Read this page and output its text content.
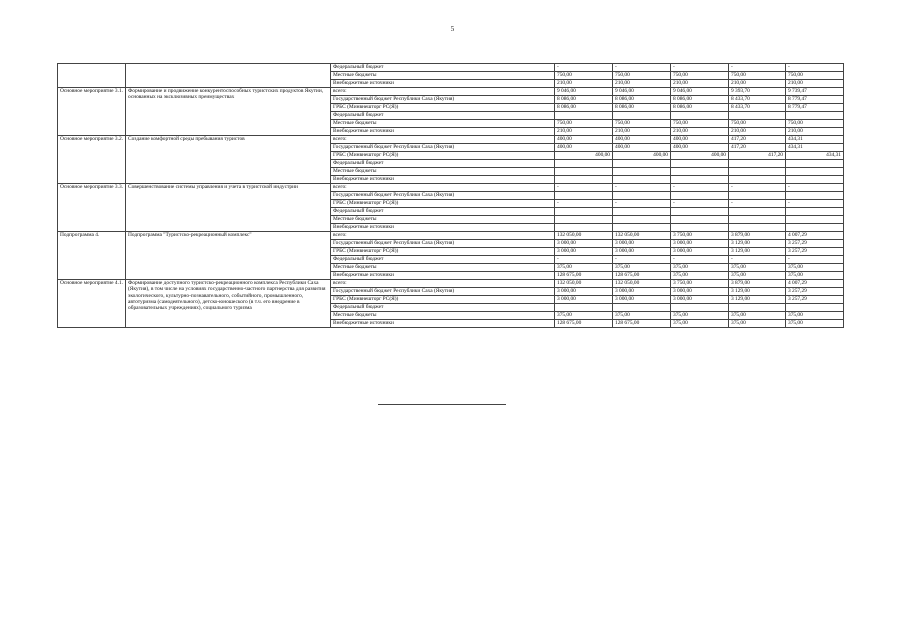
5
		Федеральный бюджет	-	-	-	-	-
		Местные бюджеты	750,00	750,00	750,00	750,00	750,00
		Внебюджетные источники	210,00	210,00	210,00	210,00	210,00
Основное мероприятие 3.1.	Формирование и продвижение конкурентоспособных туристских продуктов Якутии, основанных на эксклюзивных преимуществах	всего:	9 046,00	9 046,00	9 046,00	9 393,70	9 739,47
		Государственный бюджет Республики Саха (Якутия)	8 086,00	8 086,00	8 086,00	8 433,70	8 779,47
		ГРБС (Минвнешторг РС(Я))	8 086,00	8 086,00	8 086,00	8 433,70	8 779,47
		Федеральный бюджет					
		Местные бюджеты	750,00	750,00	750,00	750,00	750,00
		Внебюджетные источники	210,00	210,00	210,00	210,00	210,00
Основное мероприятие 3.2.	Создание комфортной среды пребывания туристов	всего:	400,00	400,00	400,00	417,20	434,31
		Государственный бюджет Республики Саха (Якутия)	400,00	400,00	400,00	417,20	434,31
		ГРБС (Минвнешторг РС(Я))	400,00	400,00	400,00	417,20	434,31
		Федеральный бюджет					
		Местные бюджеты					
		Внебюджетные источники					
Основное мероприятие 3.3.	Совершенствование системы управления и учета в туристской индустрии	всего:	-	-	-	-	-
		Государственный бюджет Республики Саха (Якутия)					
		ГРБС (Минвнешторг РС(Я))	-	-	-	-	-
		Федеральный бюджет					
		Местные бюджеты					
		Внебюджетные источники					
Подпрограмма 4.	Подпрограмма "Туристско-рекреационный комплекс"	всего:	132 050,00	132 050,00	3 750,00	3 879,00	4 007,29
		Государственный бюджет Республики Саха (Якутия)	3 000,00	3 000,00	3 000,00	3 129,00	3 257,29
		ГРБС (Минвнешторг РС(Я))	3 000,00	3 000,00	3 000,00	3 129,00	3 257,29
		Федеральный бюджет	-	-	-	-	-
		Местные бюджеты	375,00	375,00	375,00	375,00	375,00
		Внебюджетные источники	128 675,00	128 675,00	375,00	375,00	375,00
Основное мероприятие 4.1.	Формирование доступного туристско-рекреационного комплекса Республики Саха (Якутия), в том числе на условиях государственно-частного партнерства для развития экологического, культурно-познавательного, событийного, промышленного, автотуризма (самодеятельного), детско-юношеского (в т.ч. его внедрение в образовательных учреждениях), социального туризма	всего:	132 050,00	132 050,00	3 750,00	3 879,00	4 007,29
		Государственный бюджет Республики Саха (Якутия)	3 000,00	3 000,00	3 000,00	3 129,00	3 257,29
		ГРБС (Минвнешторг РС(Я))	3 000,00	3 000,00	3 000,00	3 129,00	3 257,29
		Федеральный бюджет					
		Местные бюджеты	375,00	375,00	375,00	375,00	375,00
		Внебюджетные источники	128 675,00	128 675,00	375,00	375,00	375,00
